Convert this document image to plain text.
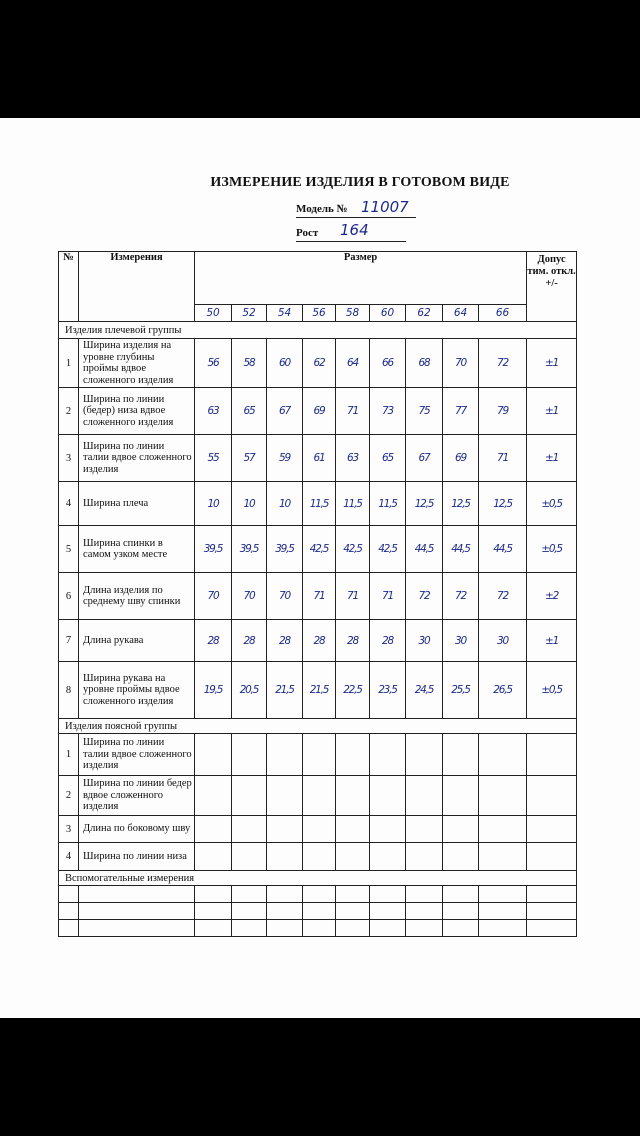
ИЗМЕРЕНИЕ ИЗДЕЛИЯ В ГОТОВОМ ВИДЕ
Модель № 11007
Рост 164
№	Измерения	Размер									Допус тим. откл. +/-
		50	52	54	56	58	60	62	64	66	
Изделия плечевой группы											
1	Ширина изделия на уровне глубины проймы вдвое сложенного изделия	56	58	60	62	64	66	68	70	72	±1
2	Ширина по линии (бедер) низа вдвое сложенного изделия	63	65	67	69	71	73	75	77	79	±1
3	Ширина по линии талии вдвое сложенного изделия	55	57	59	61	63	65	67	69	71	±1
4	Ширина плеча	10	10	10	11,5	11,5	11,5	12,5	12,5	12,5	±0,5
5	Ширина спинки в самом узком месте	39,5	39,5	39,5	42,5	42,5	42,5	44,5	44,5	44,5	±0,5
6	Длина изделия по среднему шву спинки	70	70	70	71	71	71	72	72	72	±2
7	Длина рукава	28	28	28	28	28	28	30	30	30	±1
8	Ширина рукава на уровне проймы вдвое сложенного изделия	19,5	20,5	21,5	21,5	22,5	23,5	24,5	25,5	26,5	±0,5
Изделия поясной группы											
1	Ширина по линии талии вдвое сложенного изделия										
2	Ширина по линии бедер вдвое сложенного изделия										
3	Длина по боковому шву										
4	Ширина по линии низа										
Вспомогательные измерения											
